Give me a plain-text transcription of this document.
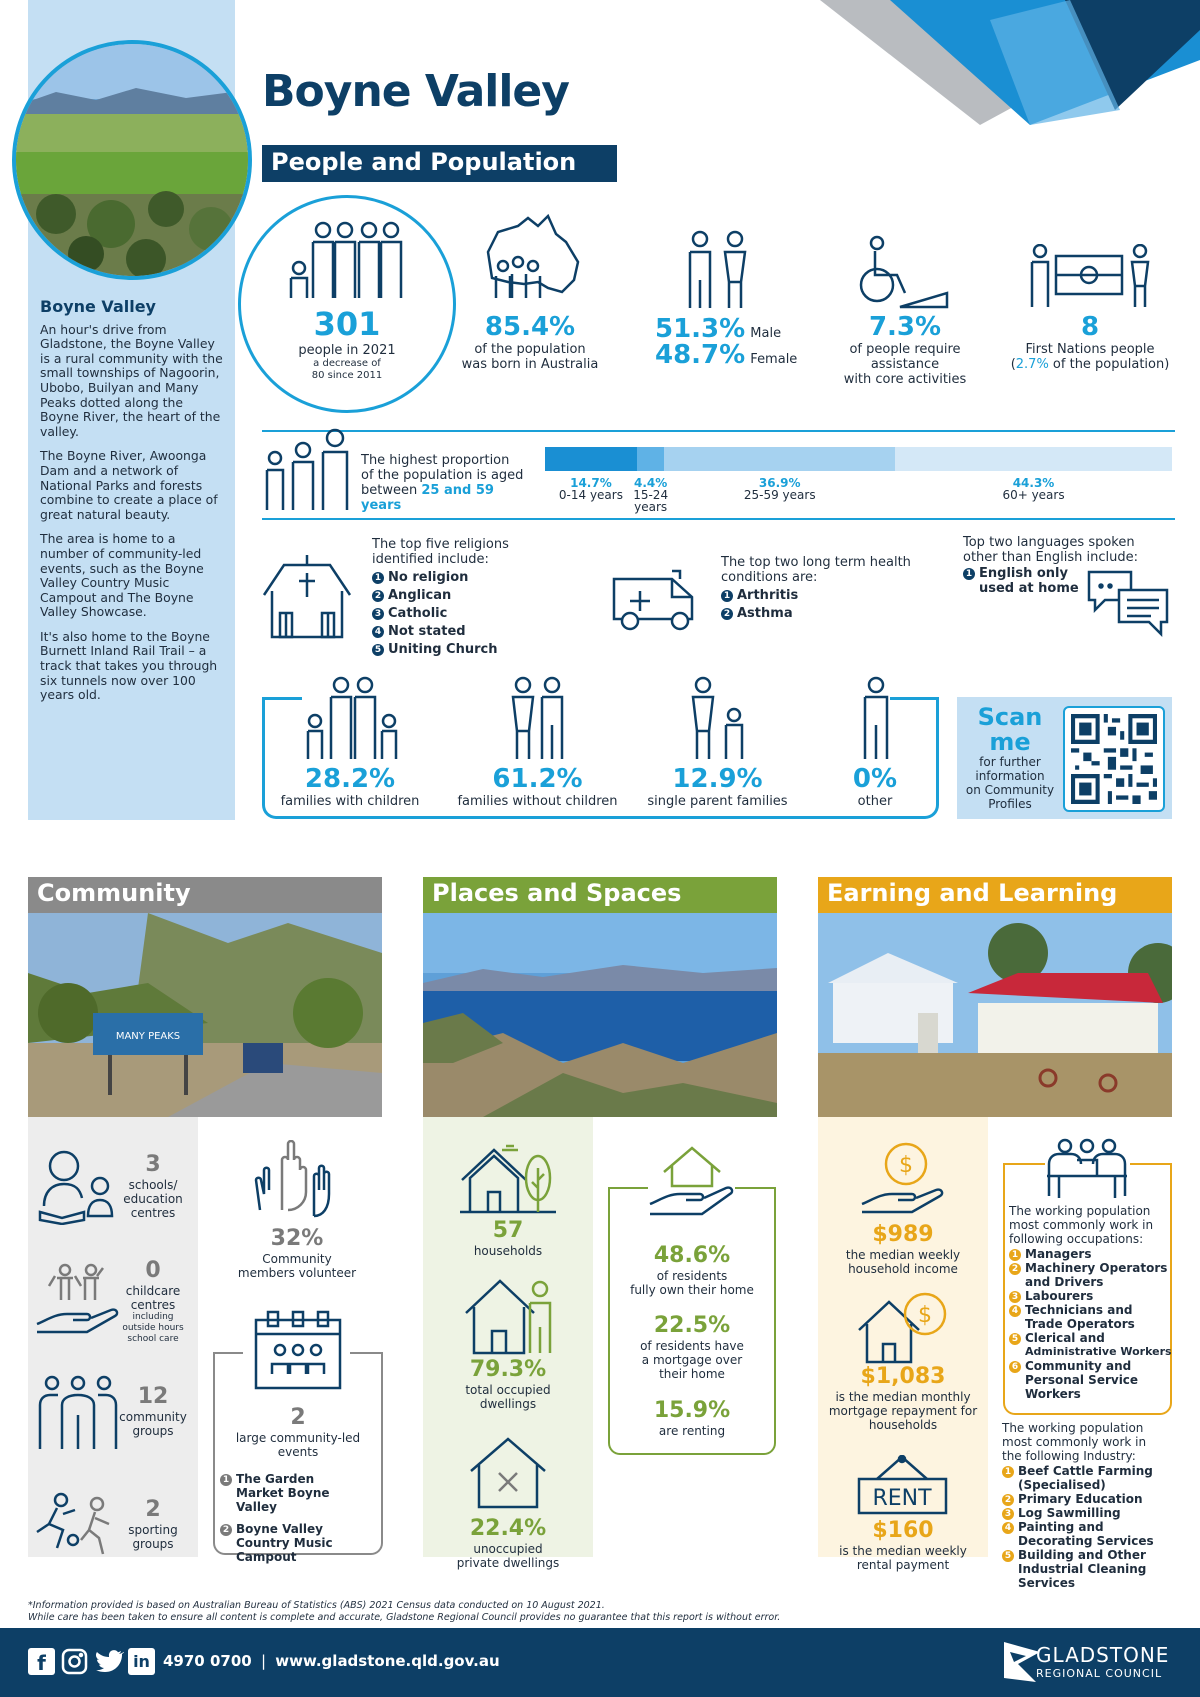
Boyne Valley

An hour's drive from Gladstone, the Boyne Valley is a rural community with the small townships of Nagoorin, Ubobo, Builyan and Many Peaks dotted along the Boyne River, the heart of the valley.

The Boyne River, Awoonga Dam and a network of National Parks and forests combine to create a place of great natural beauty.

The area is home to a number of community-led events, such as the Boyne Valley Country Music Campout and The Boyne Valley Showcase.

It's also home to the Boyne Burnett Inland Rail Trail – a track that takes you through six tunnels now over 100 years old.

Boyne Valley
People and Population
301
people in 2021
a decrease of
80 since 2011
85.4%
of the population
was born in Australia
51.3% Male
48.7% Female
7.3%
of people require
assistance
with core activities
8
First Nations people
(2.7% of the population)
The highest proportion
of the population is aged
between 25 and 59 years
14.7%
0-14 years
4.4%
15-24 years
36.9%
25-59 years
44.3%
60+ years
The top five religions
identified include:
1 No religion
2 Anglican
3 Catholic
4 Not stated
5 Uniting Church
The top two long term health
conditions are:
1 Arthritis
2 Asthma
Top two languages spoken
other than English include:
1 English only
used at home
28.2%
families with children
61.2%
families without children
12.9%
single parent families
0%
other
Scan
me
for further
information
on Community
Profiles
Community	Places and Spaces	Earning and Learning
MANY PEAKS
3
schools/
education
centres
0
childcare
centres
including
outside hours
school care
12
community
groups
2
sporting
groups
32%
Community
members volunteer
2
large community-led
events
1 The Garden
Market Boyne
Valley
2 Boyne Valley
Country Music
Campout
57
households
79.3%
total occupied
dwellings
22.4%
unoccupied
private dwellings
48.6%
of residents
fully own their home
22.5%
of residents have
a mortgage over
their home
15.9%
are renting
$
$989
the median weekly
household income
$
$1,083
is the median monthly
mortgage repayment for
households
RENT
$160
is the median weekly
rental payment
The working population
most commonly work in
following occupations:
1 Managers
2 Machinery Operators
and Drivers
3 Labourers
4 Technicians and
Trade Operators
5 Clerical and
Administrative Workers
6 Community and
Personal Service
Workers
The working population
most commonly work in
the following Industry:
1 Beef Cattle Farming
(Specialised)
2 Primary Education
3 Log Sawmilling
4 Painting and
Decorating Services
5 Building and Other
Industrial Cleaning
Services
*Information provided is based on Australian Bureau of Statistics (ABS) 2021 Census data conducted on 10 August 2021.
While care has been taken to ensure all content is complete and accurate, Gladstone Regional Council provides no guarantee that this report is without error.
f	in 4970 0700 | www.gladstone.qld.gov.au	GLADSTONE
REGIONAL COUNCIL
